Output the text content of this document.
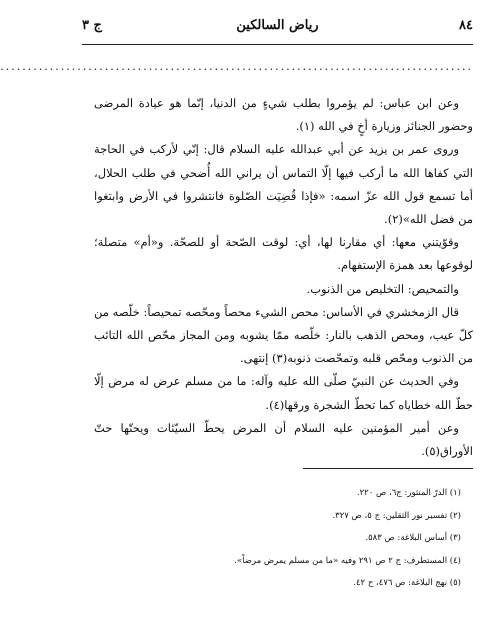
٨٤
رياض السالكين
ج ٣
......................................................................................

وعن ابن عباس: لم يؤمروا بطلب شيءٍ من الدنيا، إنّما هو عيادة المرضى وحضور الجنائز وزيارة أخٍ في الله (١).

وروى عمر بن يزيد عن أبي عبدالله عليه السلام قال: إنّي لأركب في الحاجة التي كفاها الله ما أركب فيها إلّا التماس أن يراني الله أُضحي في طلب الحلال، أما تسمع قول الله عزّ اسمه: «فإذا قُضِيَت الصّلوة فانتشروا في الأرض وابتغوا من فضل الله»(٢).

وقوّيتني معها: أي مقارنا لها، أي: لوقت الصّحة أو للصحّة. و«أم» متصلة؛ لوقوعها بعد همزة الإستفهام.

والتمحيص: التخليص من الذنوب.

قال الزمخشري في الأساس: محص الشيء محصاً ومحّصه تمحيصاً: خلّصه من كلّ عيب، ومحص الذهب بالنار: خلّصه ممّا يشوبه ومن المجاز محّص الله التائب من الذنوب ومحّص قلبه وتمحّصت ذنوبه(٣) إنتهى.

وفي الحديث عن النبيّ صلّى الله عليه وآله: ما من مسلم عرض له مرض إلّا حطّ الله خطاياه كما تحطّ الشجرة ورقها(٤).

وعن أمير المؤمنين عليه السلام أن المرض يحطّ السيّئات ويحتّها حتّ الأوراق(٥).

(١) الدرّ المنثور: ج٦، ص ٢٢٠.
(٢) تفسير نور الثقلين: ج ٥، ص ٣٢٧.
(٣) أساس البلاغة: ص ٥٨٣.
(٤) المستطرف: ج ٢ ص ٢٩١ وفيه «ما من مسلم يمرض مرضاً».
(٥) نهج البلاغة: ص ٤٧٦، ح ٤٢.
